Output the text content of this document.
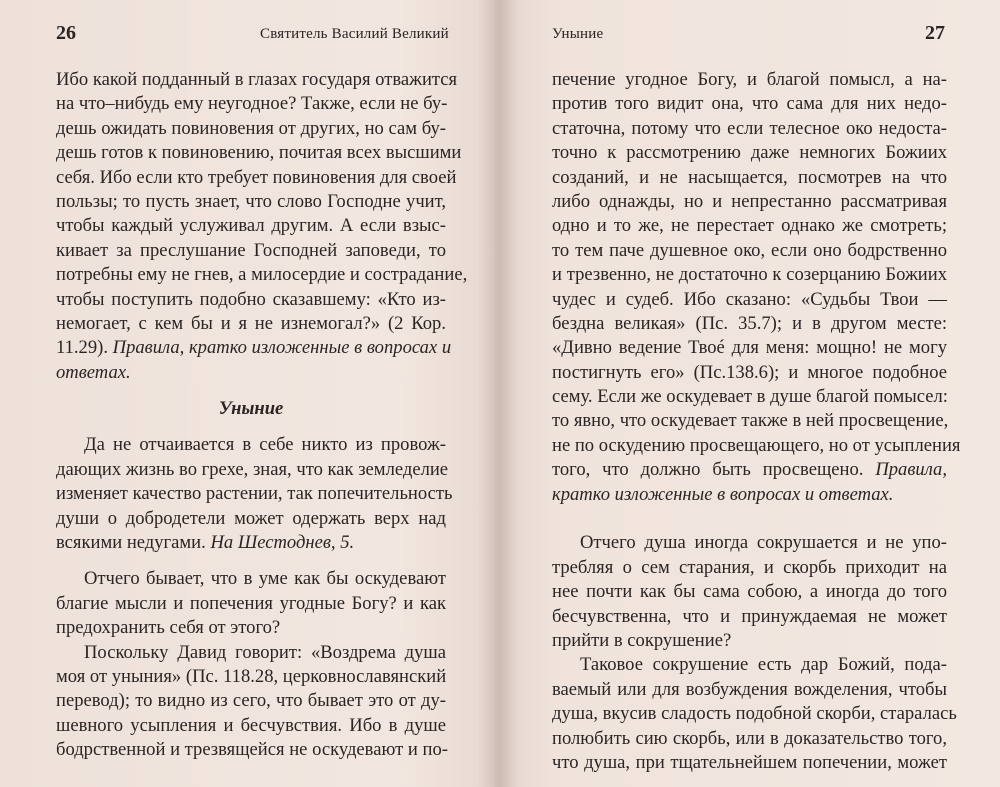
26	Святитель Василий Великий
Ибо какой подданный в глазах государя отважится
на что–нибудь ему неугодное? Также, если не бу-
дешь ожидать повиновения от других, но сам бу-
дешь готов к повиновению, почитая всех высшими
себя. Ибо если кто требует повиновения для своей
пользы; то пусть знает, что слово Господне учит,
чтобы каждый услуживал другим. А если взыс-
кивает за преслушание Господней заповеди, то
потребны ему не гнев, а милосердие и сострадание,
чтобы поступить подобно сказавшему: «Кто из-
немогает, с кем бы и я не изнемогал?» (2 Кор.
11.29). Правила, кратко изложенные в вопросах и
ответах.
Уныние
Да не отчаивается в себе никто из провож-
дающих жизнь во грехе, зная, что как земледелие
изменяет качество растении, так попечительность
души о добродетели может одержать верх над
всякими недугами. На Шестоднев, 5.
Отчего бывает, что в уме как бы оскудевают
благие мысли и попечения угодные Богу? и как
предохранить себя от этого?
Поскольку Давид говорит: «Воздрема душа
моя от уныния» (Пс. 118.28, церковнославянский
перевод); то видно из сего, что бывает это от ду-
шевного усыпления и бесчувствия. Ибо в душе
бодрственной и трезвящейся не оскудевают и по-
Уныние	27
печение угодное Богу, и благой помысл, а на-
против того видит она, что сама для них недо-
статочна, потому что если телесное око недоста-
точно к рассмотрению даже немногих Божиих
созданий, и не насыщается, посмотрев на что
либо однажды, но и непрестанно рассматривая
одно и то же, не перестает однако же смотреть;
то тем паче душевное око, если оно бодрственно
и трезвенно, не достаточно к созерцанию Божиих
чудес и судеб. Ибо сказано: «Судьбы Твои —
бездна великая» (Пс. 35.7); и в другом месте:
«Дивно ведение Твоé для меня: мощно! не могу
постигнуть его» (Пс.138.6); и многое подобное
сему. Если же оскудевает в душе благой помысел:
то явно, что оскудевает также в ней просвещение,
не по оскудению просвещающего, но от усыпления
того, что должно быть просвещено. Правила,
кратко изложенные в вопросах и ответах.
Отчего душа иногда сокрушается и не упо-
требляя о сем старания, и скорбь приходит на
нее почти как бы сама собою, а иногда до того
бесчувственна, что и принуждаемая не может
прийти в сокрушение?
Таковое сокрушение есть дар Божий, пода-
ваемый или для возбуждения вожделения, чтобы
душа, вкусив сладость подобной скорби, старалась
полюбить сию скорбь, или в доказательство того,
что душа, при тщательнейшем попечении, может
